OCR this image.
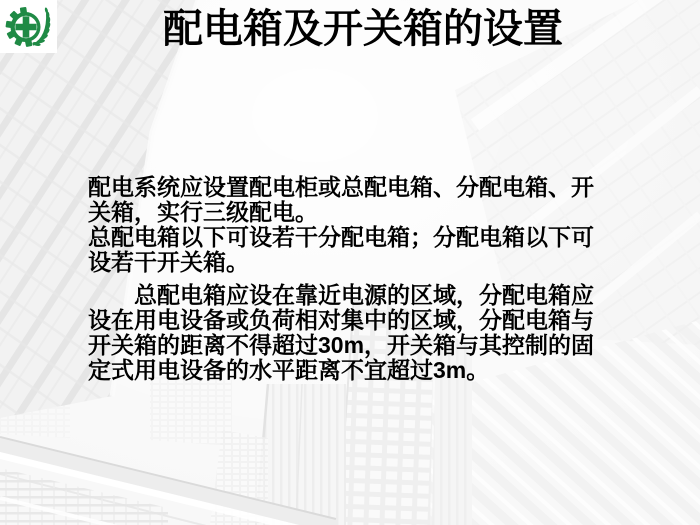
配电箱及开关箱的设置

配电系统应设置配电柜或总配电箱、分配电箱、开关箱，实行三级配电。

总配电箱以下可设若干分配电箱；分配电箱以下可设若干开关箱。

总配电箱应设在靠近电源的区域，分配电箱应设在用电设备或负荷相对集中的区域，分配电箱与开关箱的距离不得超过30m，开关箱与其控制的固定式用电设备的水平距离不宜超过3m。
